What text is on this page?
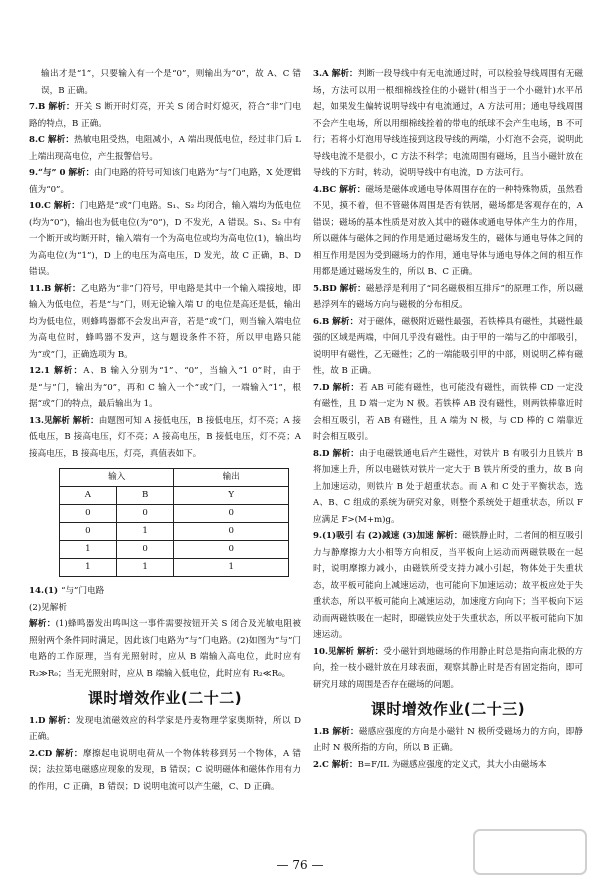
输出才是“1”，只要输入有一个是“0”，则输出为“0”，故 A、C 错误，B 正确。
7.B 解析：开关 S 断开时灯亮，开关 S 闭合时灯熄灭，符合“非”门电路的特点，B 正确。
8.C 解析：热敏电阻受热，电阻减小，A 端出现低电位，经过非门后 L 上端出现高电位，产生报警信号。
9.“与” 0 解析：由门电路的符号可知该门电路为“与”门电路，X 处逻辑值为“0”。
10.C 解析：门电路是“或”门电路。S₁、S₂ 均闭合，输入端均为低电位(均为“0”)，输出也为低电位(为“0”)，D 不发光，A 错误。S₁、S₂ 中有一个断开或均断开时，输入端有一个为高电位或均为高电位(1)，输出均为高电位(为“1”)，D 上的电压为高电压，D 发光，故 C 正确，B、D 错误。
11.B 解析：乙电路为“非”门符号，甲电路是其中一个输入端接地，即输入为低电位，若是“与”门，则无论输入端 U 的电位是高还是低，输出均为低电位，则蜂鸣器都不会发出声音，若是“或”门，则当输入端电位为高电位时，蜂鸣器不发声，这与题设条件不符，所以甲电路只能为“或”门，正确选项为 B。
12.1 解析：A、B 输入分别为“1”、“0”，当输入“1 0”时，由于是“与”门，输出为“0”，再和 C 输入一个“或”门，一端输入“1”，根据“或”门的特点，最后输出为 1。
13.见解析 解析：由题图可知 A 接低电压，B 接低电压，灯不亮；A 接低电压，B 接高电压，灯不亮；A 接高电压，B 接低电压，灯不亮；A 接高电压，B 接高电压，灯亮，真值表如下。
输入		输出
A	B	Y
0	0	0
0	1	0
1	0	0
1	1	1
14.(1) “与”门电路
(2)见解析
解析：(1)蜂鸣器发出鸣叫这一事件需要按钮开关 S 闭合及光敏电阻被照射两个条件同时满足，因此该门电路为“与”门电路。(2)如图为“与”门电路的工作原理，当有光照射时，应从 B 端输入高电位，此时应有 R₂≫R₀；当无光照射时，应从 B 端输入低电位，此时应有 R₂≪R₀。
课时增效作业(二十二)
1.D 解析：发现电流磁效应的科学家是丹麦物理学家奥斯特，所以 D 正确。
2.CD 解析：摩擦起电说明电荷从一个物体转移到另一个物体，A 错误；法拉第电磁感应现象的发现，B 错误；C 说明磁体和磁体作用有力的作用，C 正确，B 错误；D 说明电流可以产生磁，C、D 正确。
3.A 解析：判断一段导线中有无电流通过时，可以检验导线周围有无磁场，方法可以用一根细棉线拴住的小磁针(相当于一个小磁针)水平吊起，如果发生偏转说明导线中有电流通过，A 方法可用；通电导线周围不会产生电场，所以用细棉线拴着的带电的纸球不会产生电场，B 不可行；若将小灯泡用导线连接到这段导线的两端，小灯泡不会亮，说明此导线电流不是很小，C 方法不科学；电流周围有磁场，且当小磁针放在导线的下方时，转动，说明导线中有电流，D 方法可行。
4.BC 解析：磁场是磁体或通电导体周围存在的一种特殊物质，虽然看不见，摸不着，但不管磁体周围是否有铁屑，磁场都是客观存在的，A 错误；磁场的基本性质是对放入其中的磁体或通电导体产生力的作用，所以磁体与磁体之间的作用是通过磁场发生的，磁体与通电导体之间的相互作用是因为受到磁场力的作用，通电导体与通电导体之间的相互作用都是通过磁场发生的，所以 B、C 正确。
5.BD 解析：磁悬浮是利用了“同名磁极相互排斥”的原理工作，所以磁悬浮列车的磁场方向与磁极的分布相反。
6.B 解析：对于磁体，磁极附近磁性最强，若铁棒具有磁性，其磁性最强的区域是两端，中间几乎没有磁性。由于甲的一端与乙的中部吸引，说明甲有磁性，乙无磁性；乙的一端能吸引甲的中部，则说明乙棒有磁性，故 B 正确。
7.D 解析：若 AB 可能有磁性，也可能没有磁性，而铁棒 CD 一定没有磁性，且 D 端一定为 N 极。若铁棒 AB 没有磁性，则两铁棒靠近时会相互吸引，若 AB 有磁性，且 A 端为 N 极，与 CD 棒的 C 端靠近时会相互吸引。
8.D 解析：由于电磁铁通电后产生磁性，对铁片 B 有吸引力且铁片 B 将加速上升，所以电磁铁对铁片一定大于 B 铁片所受的重力，故 B 向上加速运动，则铁片 B 处于超重状态。而 A 和 C 处于平衡状态，选 A、B、C 组成的系统为研究对象，则整个系统处于超重状态，所以 F 应满足 F>(M+m)g。
9.(1)吸引 右 (2)减速 (3)加速 解析：磁铁静止时，二者间的相互吸引力与静摩擦力大小相等方向相反，当平板向上运动而两磁铁吸在一起时，说明摩擦力减小，由磁铁所受支持力减小引起，物体处于失重状态，故平板可能向上减速运动，也可能向下加速运动；故平板应处于失重状态，所以平板可能向上减速运动，加速度方向向下；当平板向下运动而两磁铁吸在一起时，即磁铁应处于失重状态，所以平板可能向下加速运动。
10.见解析 解析：受小磁针到地磁场的作用静止时总是指向南北极的方向，拴一枝小磁针放在月球表面，观察其静止时是否有固定指向，即可研究月球的周围是否存在磁场的问题。
课时增效作业(二十三)
1.B 解析：磁感应强度的方向是小磁针 N 极所受磁场力的方向，即静止时 N 极所指的方向，所以 B 正确。
2.C 解析：B=F/IL 为磁感应强度的定义式，其大小由磁场本
— 76 —
